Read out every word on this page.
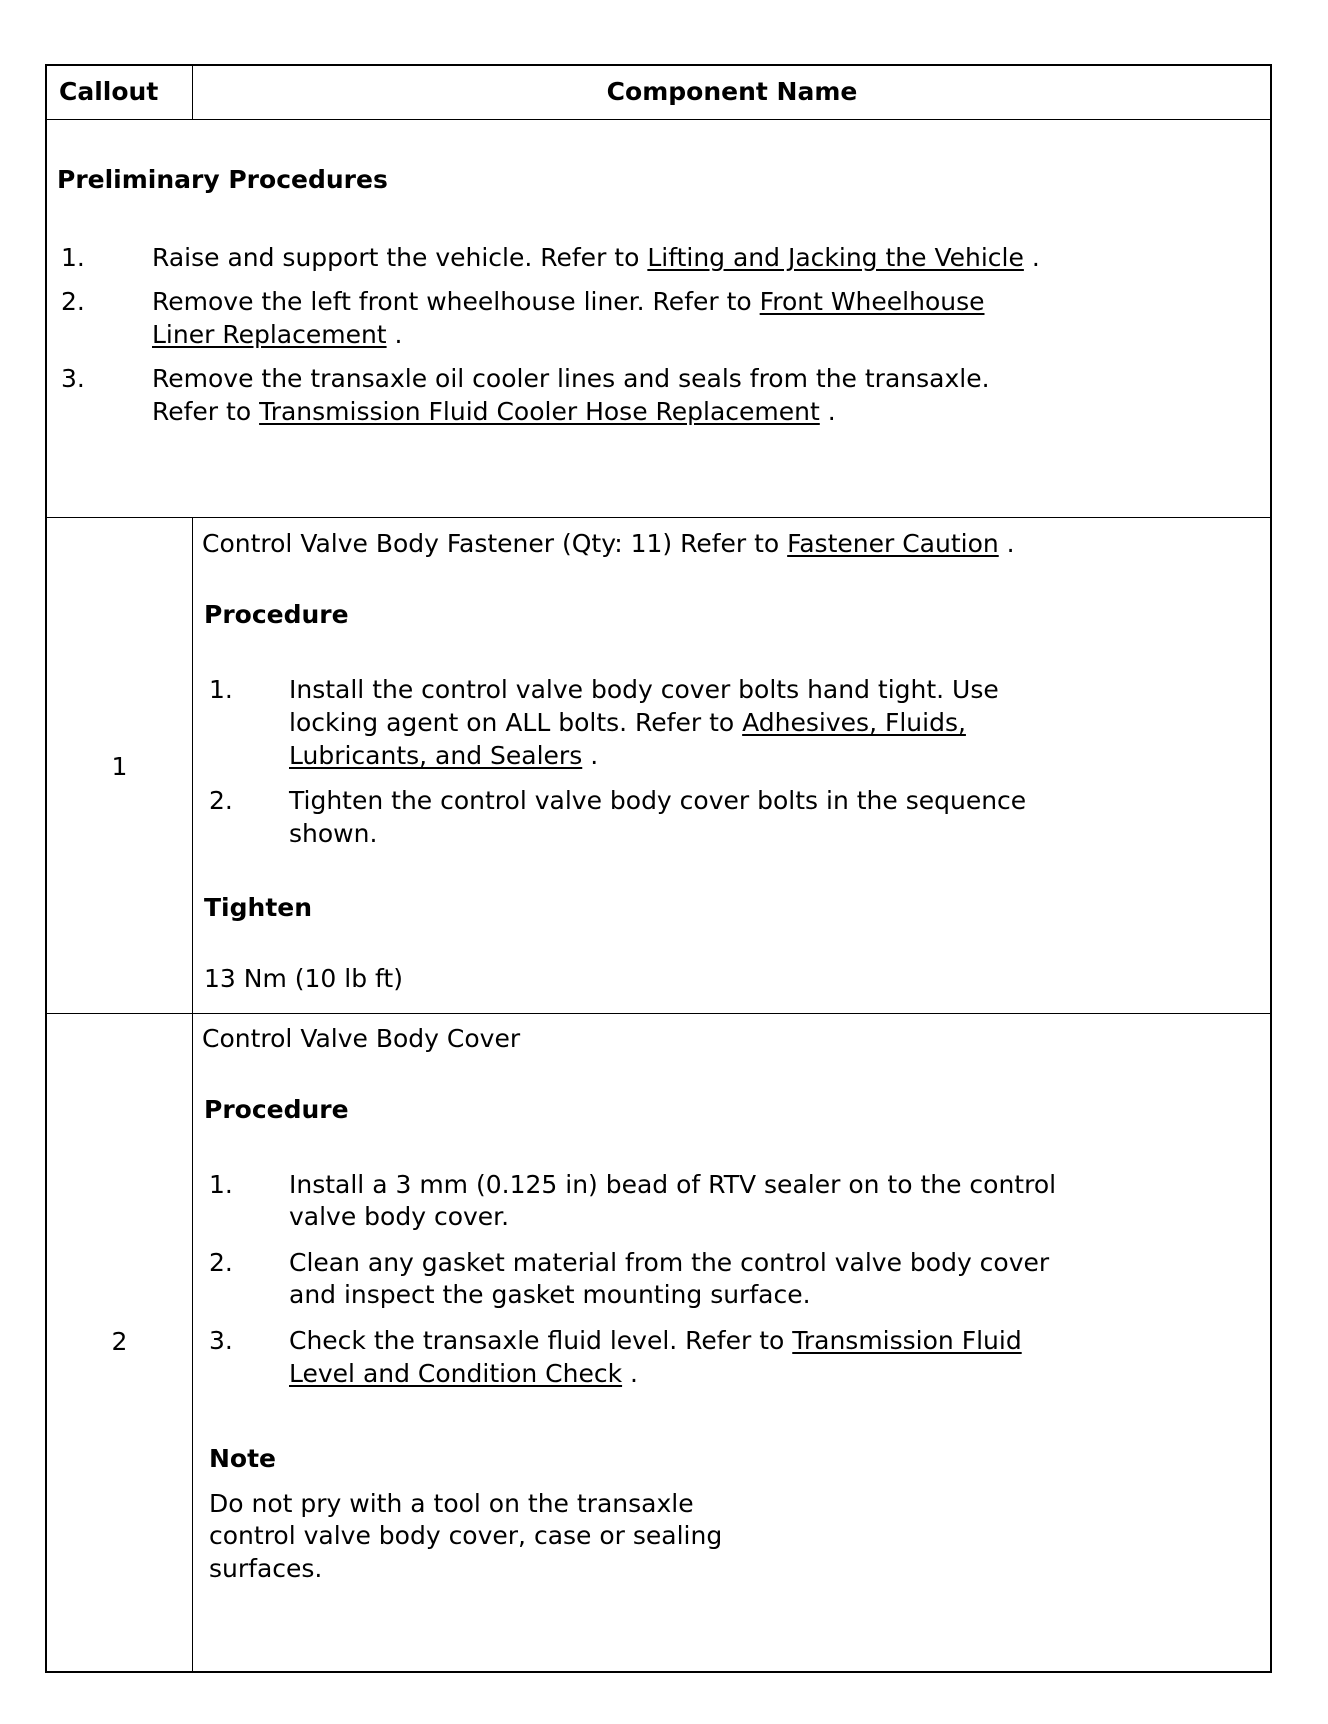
Callout	Component Name
Preliminary Procedures
1.	Raise and support the vehicle. Refer to Lifting and Jacking the Vehicle .
2.	Remove the left front wheelhouse liner. Refer to Front Wheelhouse
Liner Replacement .
3.	Remove the transaxle oil cooler lines and seals from the transaxle.
Refer to Transmission Fluid Cooler Hose Replacement .
1
Control Valve Body Fastener (Qty: 11) Refer to Fastener Caution .
Procedure
1. Install the control valve body cover bolts hand tight. Use
locking agent on ALL bolts. Refer to Adhesives, Fluids,
Lubricants, and Sealers .
2. Tighten the control valve body cover bolts in the sequence
shown.
Tighten
13 Nm (10 lb ft)
2
Control Valve Body Cover
Procedure
1. Install a 3 mm (0.125 in) bead of RTV sealer on to the control
valve body cover.
2. Clean any gasket material from the control valve body cover
and inspect the gasket mounting surface.
3. Check the transaxle fluid level. Refer to Transmission Fluid
Level and Condition Check .
Note
Do not pry with a tool on the transaxle
control valve body cover, case or sealing
surfaces.
